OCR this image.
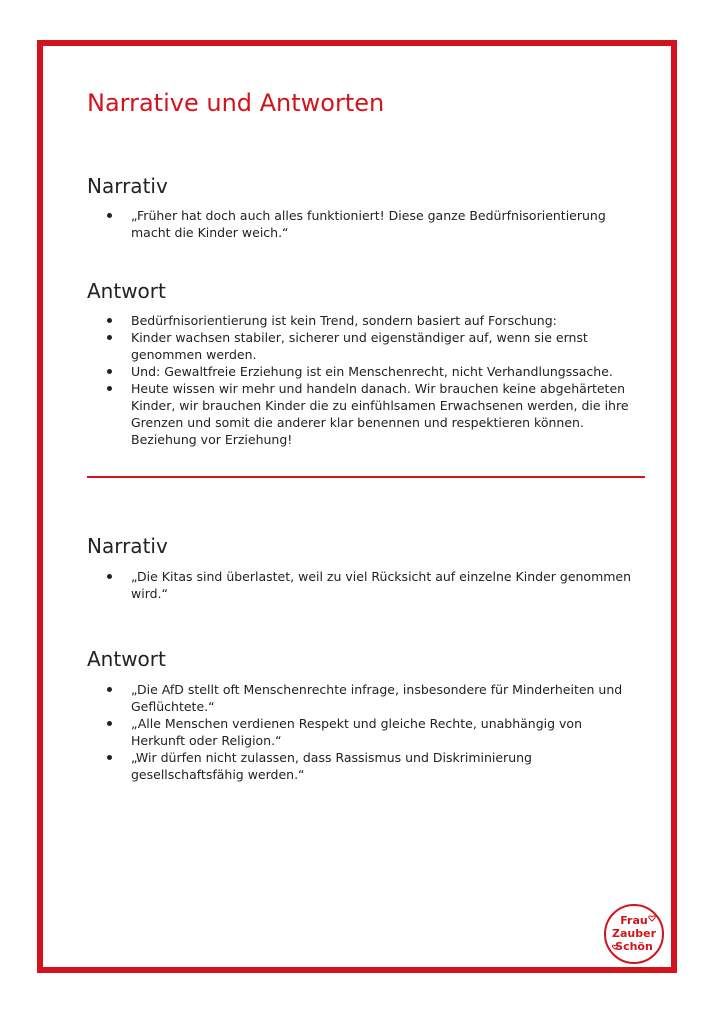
Narrative und Antworten
Narrativ
„Früher hat doch auch alles funktioniert! Diese ganze Bedürfnisorientierung macht die Kinder weich.“
Antwort
Bedürfnisorientierung ist kein Trend, sondern basiert auf Forschung:
Kinder wachsen stabiler, sicherer und eigenständiger auf, wenn sie ernst genommen werden.
Und: Gewaltfreie Erziehung ist ein Menschenrecht, nicht Verhandlungssache.
Heute wissen wir mehr und handeln danach. Wir brauchen keine abgehärteten Kinder, wir brauchen Kinder die zu einfühlsamen Erwachsenen werden, die ihre Grenzen und somit die anderer klar benennen und respektieren können. Beziehung vor Erziehung!
Narrativ
„Die Kitas sind überlastet, weil zu viel Rücksicht auf einzelne Kinder genommen wird.“
Antwort
„Die AfD stellt oft Menschenrechte infrage, insbesondere für Minderheiten und Geflüchtete.“
„Alle Menschen verdienen Respekt und gleiche Rechte, unabhängig von Herkunft oder Religion.“
„Wir dürfen nicht zulassen, dass Rassismus und Diskriminierung gesellschaftsfähig werden.“
Frau
Zauber
Schön
